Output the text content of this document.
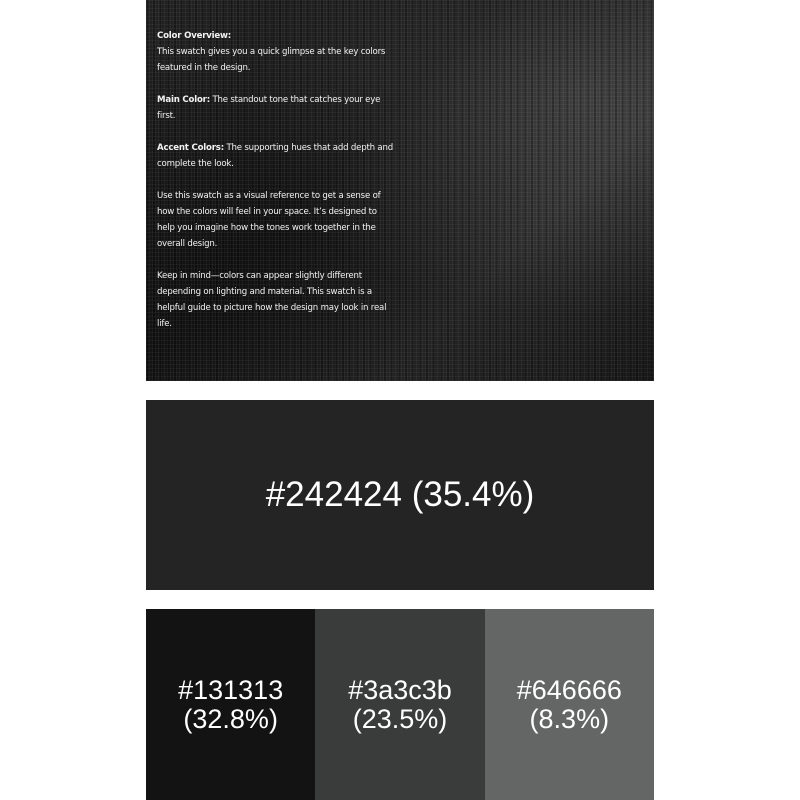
Color Overview:
This swatch gives you a quick glimpse at the key colors featured in the design.

Main Color: The standout tone that catches your eye first.

Accent Colors: The supporting hues that add depth and complete the look.

Use this swatch as a visual reference to get a sense of how the colors will feel in your space. It’s designed to help you imagine how the tones work together in the overall design.

Keep in mind—colors can appear slightly different depending on lighting and material. This swatch is a helpful guide to picture how the design may look in real life.

#242424 (35.4%)
#131313
(32.8%)
#3a3c3b
(23.5%)
#646666
(8.3%)
